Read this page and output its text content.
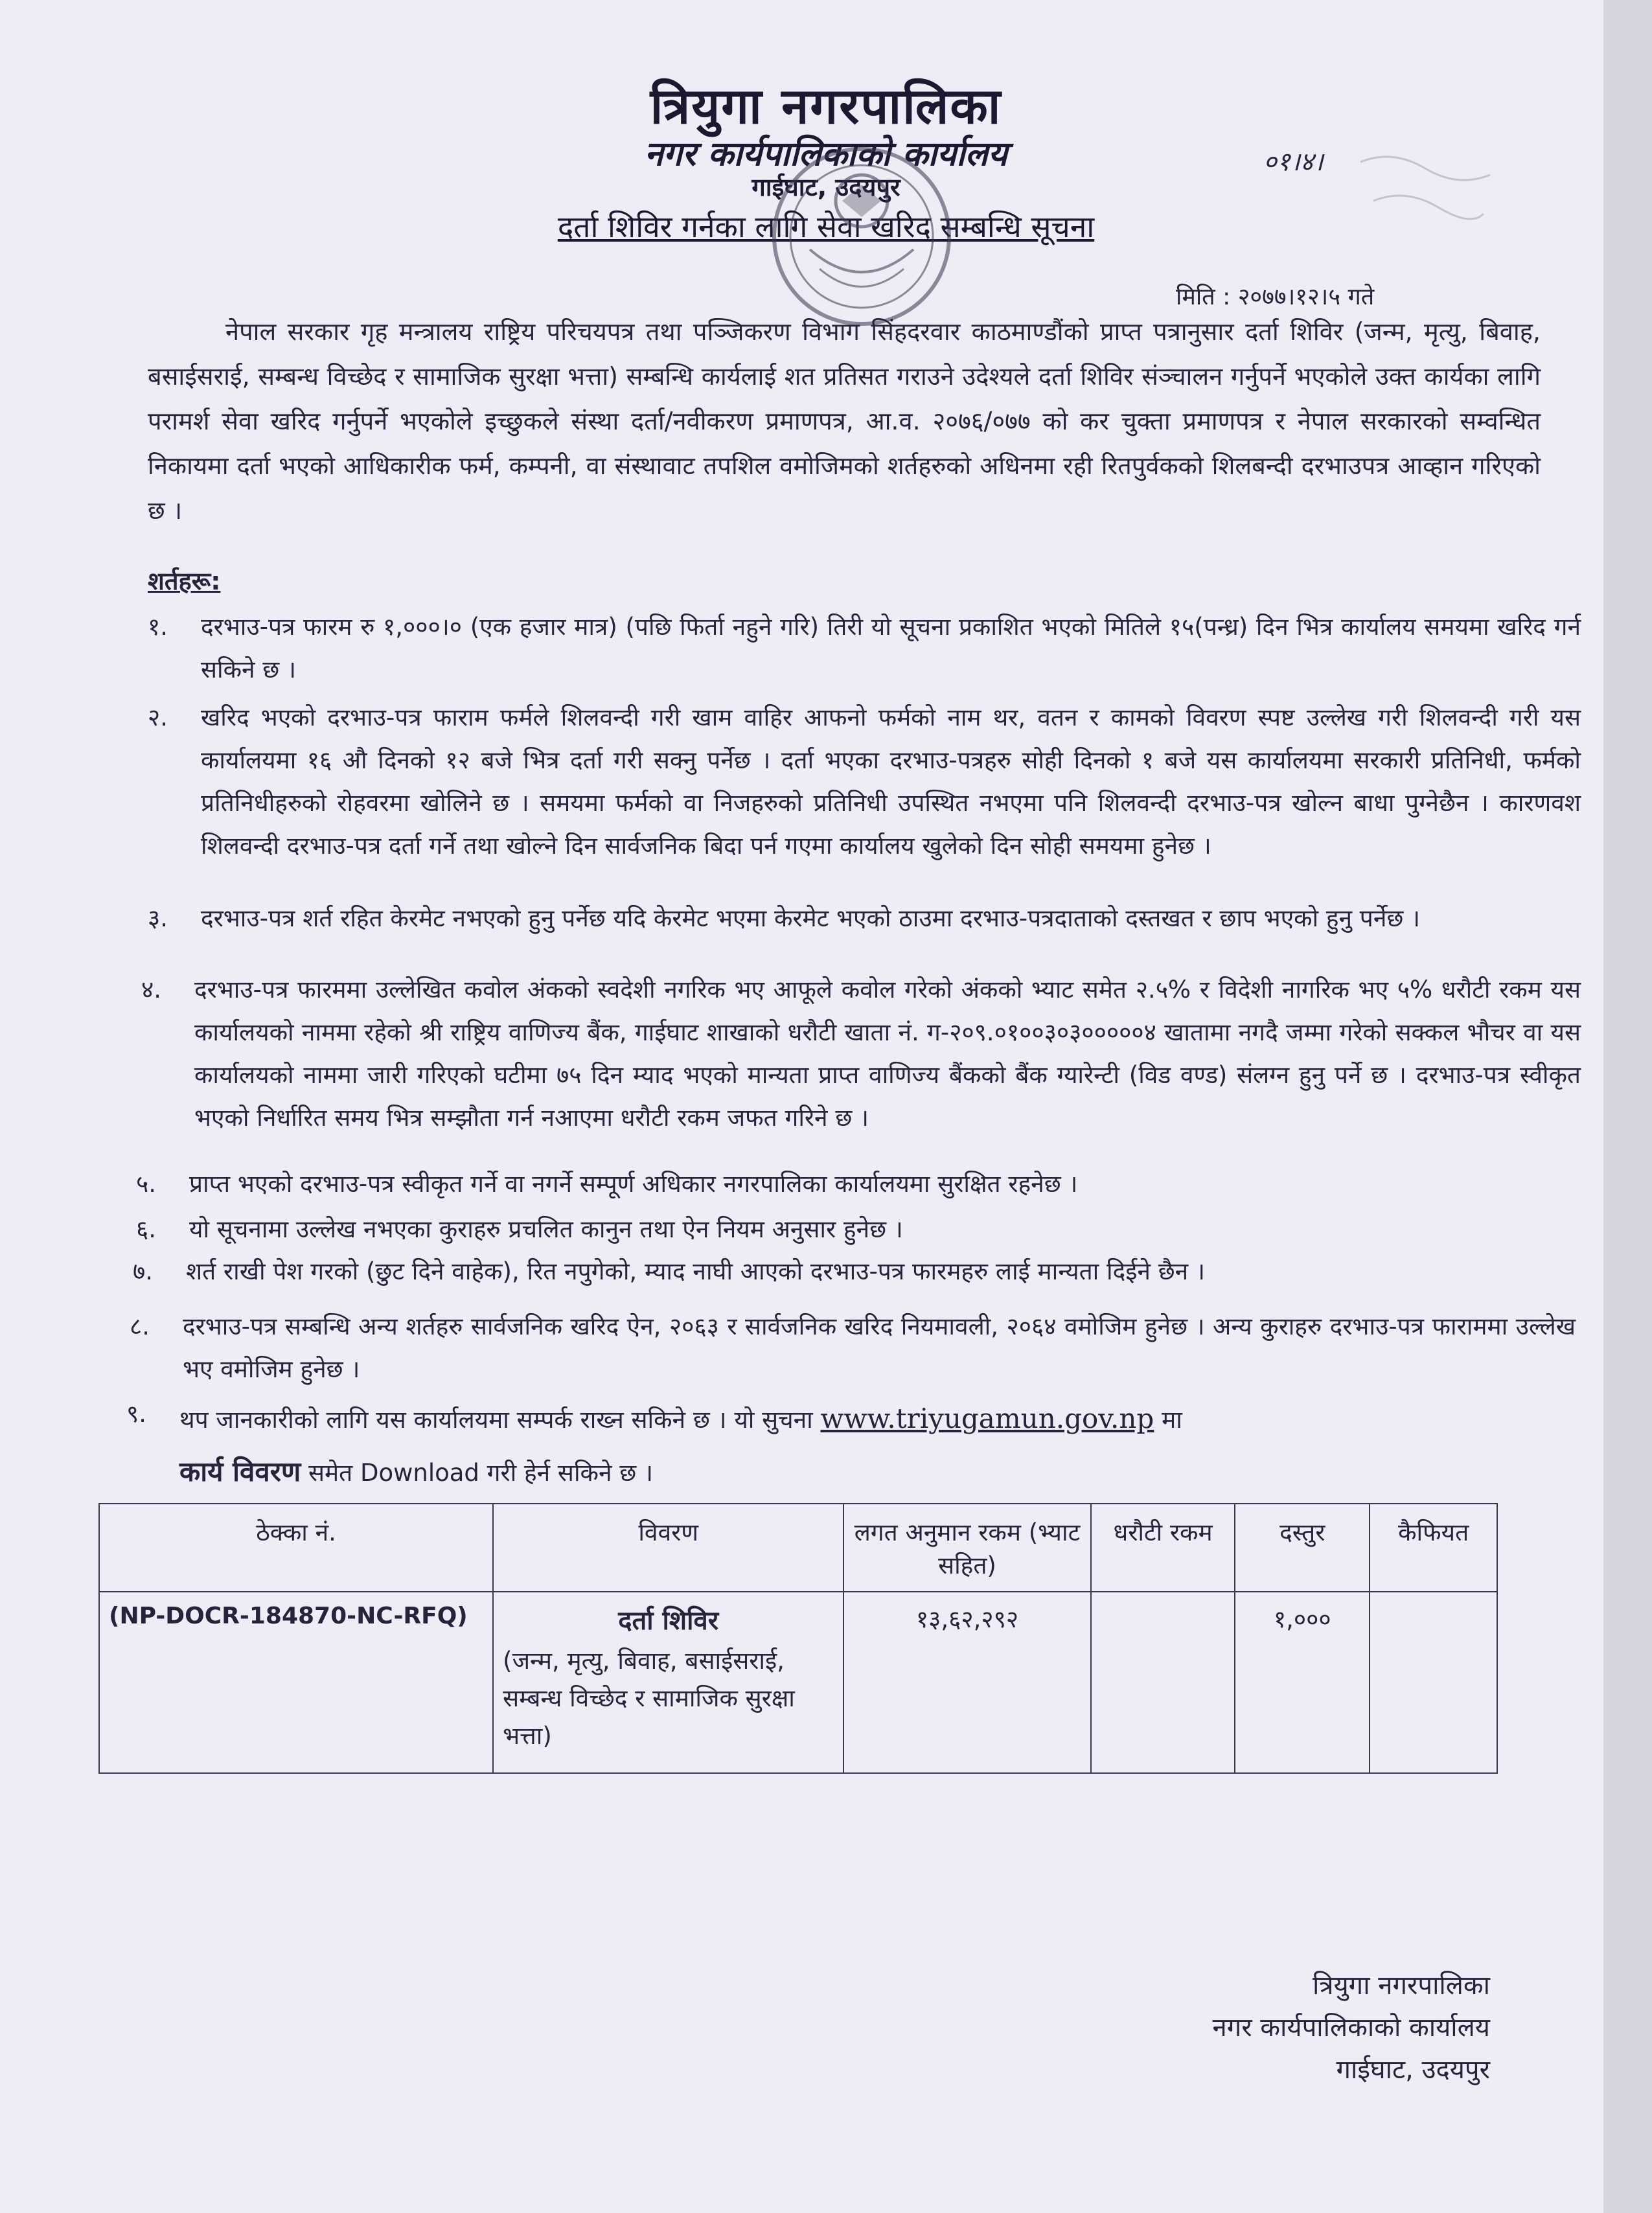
त्रियुगा नगरपालिका
नगर कार्यपालिकाको कार्यालय
गाईघाट, उदयपुर
दर्ता शिविर गर्नका लागि सेवा खरिद सम्बन्धि सूचना
०१।४।
मिति : २०७७।१२।५ गते
नेपाल सरकार गृह मन्त्रालय राष्ट्रिय परिचयपत्र तथा पञ्जिकरण विभाग सिंहदरवार काठमाण्डौंको प्राप्त पत्रानुसार दर्ता शिविर (जन्म, मृत्यु, बिवाह, बसाईसराई, सम्बन्ध विच्छेद र सामाजिक सुरक्षा भत्ता) सम्बन्धि कार्यलाई शत प्रतिसत गराउने उदेश्यले दर्ता शिविर संञ्चालन गर्नुपर्ने भएकोले उक्त कार्यका लागि परामर्श सेवा खरिद गर्नुपर्ने भएकोले इच्छुकले संस्था दर्ता/नवीकरण प्रमाणपत्र, आ.व. २०७६/०७७ को कर चुक्ता प्रमाणपत्र र नेपाल सरकारको सम्वन्धित निकायमा दर्ता भएको आधिकारीक फर्म, कम्पनी, वा संस्थावाट तपशिल वमोजिमको शर्तहरुको अधिनमा रही रितपुर्वकको शिलबन्दी दरभाउपत्र आव्हान गरिएको छ ।
शर्तहरू:
१.	दरभाउ-पत्र फारम रु १,०००।० (एक हजार मात्र) (पछि फिर्ता नहुने गरि) तिरी यो सूचना प्रकाशित भएको मितिले १५(पन्ध्र) दिन भित्र कार्यालय समयमा खरिद गर्न सकिने छ ।
२.	खरिद भएको दरभाउ-पत्र फाराम फर्मले शिलवन्दी गरी खाम वाहिर आफनो फर्मको नाम थर, वतन र कामको विवरण स्पष्ट उल्लेख गरी शिलवन्दी गरी यस कार्यालयमा १६ औ दिनको १२ बजे भित्र दर्ता गरी सक्नु पर्नेछ । दर्ता भएका दरभाउ-पत्रहरु सोही दिनको १ बजे यस कार्यालयमा सरकारी प्रतिनिधी, फर्मको प्रतिनिधीहरुको रोहवरमा खोलिने छ । समयमा फर्मको वा निजहरुको प्रतिनिधी उपस्थित नभएमा पनि शिलवन्दी दरभाउ-पत्र खोल्न बाधा पुग्नेछैन । कारणवश शिलवन्दी दरभाउ-पत्र दर्ता गर्ने तथा खोल्ने दिन सार्वजनिक बिदा पर्न गएमा कार्यालय खुलेको दिन सोही समयमा हुनेछ ।
३.	दरभाउ-पत्र शर्त रहित केरमेट नभएको हुनु पर्नेछ यदि केरमेट भएमा केरमेट भएको ठाउमा दरभाउ-पत्रदाताको दस्तखत र छाप भएको हुनु पर्नेछ ।
४.	दरभाउ-पत्र फारममा उल्लेखित कवोल अंकको स्वदेशी नगरिक भए आफूले कवोल गरेको अंकको भ्याट समेत २.५% र विदेशी नागरिक भए ५% धरौटी रकम यस कार्यालयको नाममा रहेको श्री राष्ट्रिय वाणिज्य बैंक, गाईघाट शाखाको धरौटी खाता नं. ग-२०९.०१००३०३०००००४ खातामा नगदै जम्मा गरेको सक्कल भौचर वा यस कार्यालयको नाममा जारी गरिएको घटीमा ७५ दिन म्याद भएको मान्यता प्राप्त वाणिज्य बैंकको बैंक ग्यारेन्टी (विड वण्ड) संलग्न हुनु पर्ने छ । दरभाउ-पत्र स्वीकृत भएको निर्धारित समय भित्र सम्झौता गर्न नआएमा धरौटी रकम जफत गरिने छ ।
५.	प्राप्त भएको दरभाउ-पत्र स्वीकृत गर्ने वा नगर्ने सम्पूर्ण अधिकार नगरपालिका कार्यालयमा सुरक्षित रहनेछ ।
६.	यो सूचनामा उल्लेख नभएका कुराहरु प्रचलित कानुन तथा ऐन नियम अनुसार हुनेछ ।
७.	शर्त राखी पेश गरको (छुट दिने वाहेक), रित नपुगेको, म्याद नाघी आएको दरभाउ-पत्र फारमहरु लाई मान्यता दिईने छैन ।
८.	दरभाउ-पत्र सम्बन्धि अन्य शर्तहरु सार्वजनिक खरिद ऐन, २०६३ र सार्वजनिक खरिद नियमावली, २०६४ वमोजिम हुनेछ । अन्य कुराहरु दरभाउ-पत्र फाराममा उल्लेख भए वमोजिम हुनेछ ।
९.	थप जानकारीको लागि यस कार्यालयमा सम्पर्क राख्न सकिने छ । यो सुचना www.triyugamun.gov.np मा
कार्य विवरण समेत Download गरी हेर्न सकिने छ ।
ठेक्का नं.	विवरण	लगत अनुमान रकम (भ्याट सहित)	धरौटी रकम	दस्तुर	कैफियत
(NP-DOCR-184870-NC-RFQ)	दर्ता शिविर
(जन्म, मृत्यु, बिवाह, बसाईसराई, सम्बन्ध विच्छेद र सामाजिक सुरक्षा भत्ता)	१३,६२,२९२		१,०००	
त्रियुगा नगरपालिका
नगर कार्यपालिकाको कार्यालय
गाईघाट, उदयपुर
